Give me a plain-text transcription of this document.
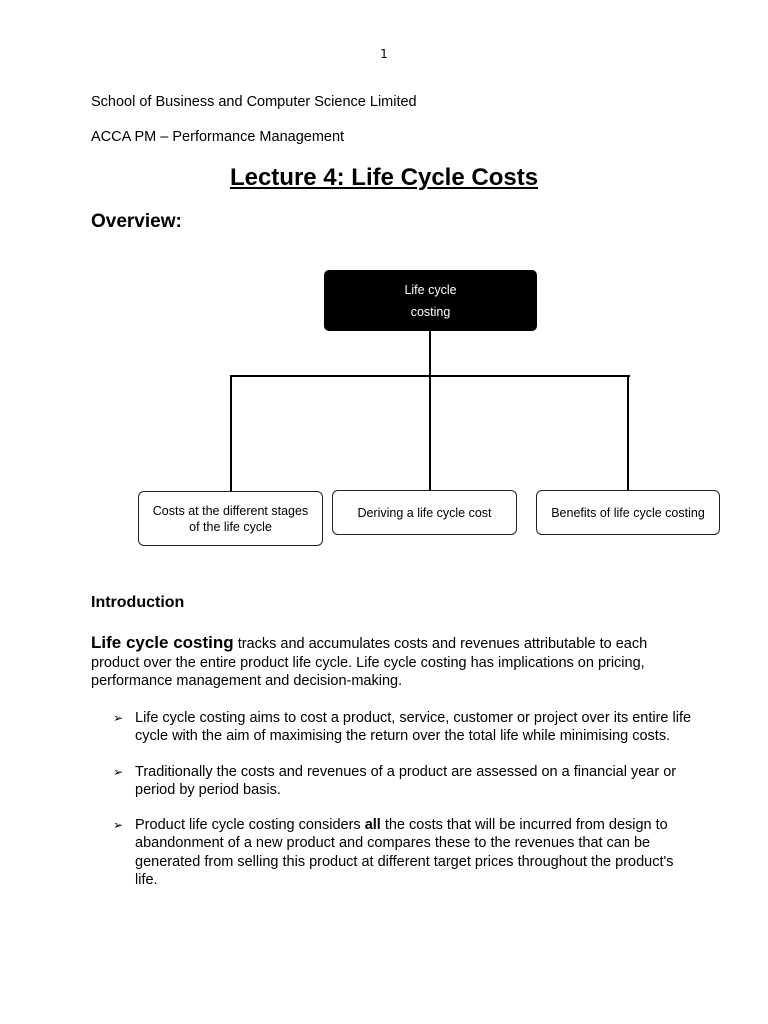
1
School of Business and Computer Science Limited
ACCA PM – Performance Management
Lecture 4: Life Cycle Costs
Overview:
Life cycle
costing
Costs at the different stages
of the life cycle
Deriving a life cycle cost	Benefits of life cycle costing
Introduction
Life cycle costing tracks and accumulates costs and revenues attributable to each product over the entire product life cycle. Life cycle costing has implications on pricing, performance management and decision-making.
➢ Life cycle costing aims to cost a product, service, customer or project over its entire life cycle with the aim of maximising the return over the total life while minimising costs.
➢ Traditionally the costs and revenues of a product are assessed on a financial year or period by period basis.
➢ Product life cycle costing considers all the costs that will be incurred from design to abandonment of a new product and compares these to the revenues that can be generated from selling this product at different target prices throughout the product's life.
